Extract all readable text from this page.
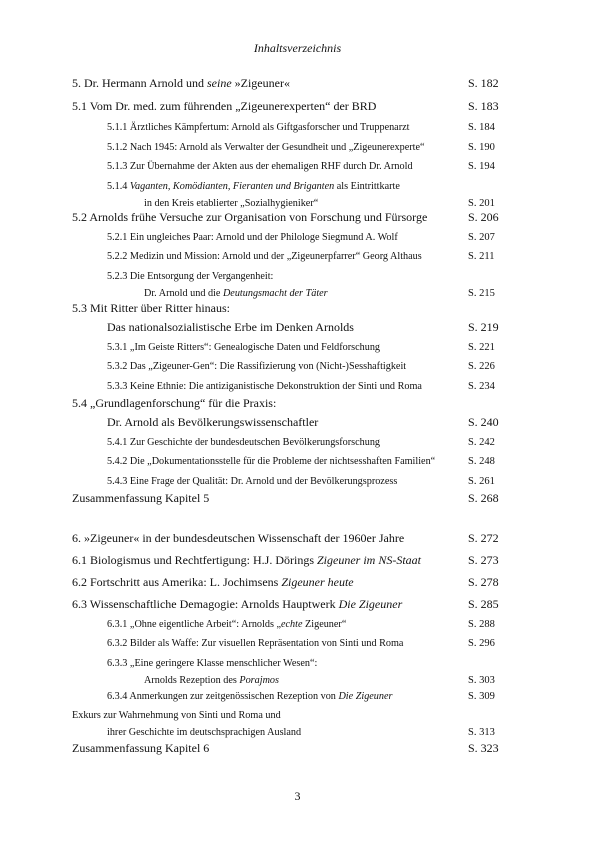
Inhaltsverzeichnis
5. Dr. Hermann Arnold und seine »Zigeuner«	S. 182
5.1 Vom Dr. med. zum führenden „Zigeunerexperten“ der BRD	S. 183
5.1.1 Ärztliches Kämpfertum: Arnold als Giftgasforscher und Truppenarzt	S. 184
5.1.2 Nach 1945: Arnold als Verwalter der Gesundheit und „Zigeunerexperte“	S. 190
5.1.3 Zur Übernahme der Akten aus der ehemaligen RHF durch Dr. Arnold	S. 194
5.1.4 Vaganten, Komödianten, Fieranten und Briganten als Eintrittkarte
in den Kreis etablierter „Sozialhygieniker“	S. 201
5.2 Arnolds frühe Versuche zur Organisation von Forschung und Fürsorge	S. 206
5.2.1 Ein ungleiches Paar: Arnold und der Philologe Siegmund A. Wolf	S. 207
5.2.2 Medizin und Mission: Arnold und der „Zigeunerpfarrer“ Georg Althaus	S. 211
5.2.3 Die Entsorgung der Vergangenheit:
Dr. Arnold und die Deutungsmacht der Täter	S. 215
5.3 Mit Ritter über Ritter hinaus:
Das nationalsozialistische Erbe im Denken Arnolds	S. 219
5.3.1 „Im Geiste Ritters“: Genealogische Daten und Feldforschung	S. 221
5.3.2 Das „Zigeuner-Gen“: Die Rassifizierung von (Nicht-)Sesshaftigkeit	S. 226
5.3.3 Keine Ethnie: Die antiziganistische Dekonstruktion der Sinti und Roma	S. 234
5.4 „Grundlagenforschung“ für die Praxis:
Dr. Arnold als Bevölkerungswissenschaftler	S. 240
5.4.1 Zur Geschichte der bundesdeutschen Bevölkerungsforschung	S. 242
5.4.2 Die „Dokumentationsstelle für die Probleme der nichtsesshaften Familien“	S. 248
5.4.3 Eine Frage der Qualität: Dr. Arnold und der Bevölkerungsprozess	S. 261
Zusammenfassung Kapitel 5	S. 268
6. »Zigeuner« in der bundesdeutschen Wissenschaft der 1960er Jahre	S. 272
6.1 Biologismus und Rechtfertigung: H.J. Dörings Zigeuner im NS-Staat	S. 273
6.2 Fortschritt aus Amerika: L. Jochimsens Zigeuner heute	S. 278
6.3 Wissenschaftliche Demagogie: Arnolds Hauptwerk Die Zigeuner	S. 285
6.3.1 „Ohne eigentliche Arbeit“: Arnolds „echte Zigeuner“	S. 288
6.3.2 Bilder als Waffe: Zur visuellen Repräsentation von Sinti und Roma	S. 296
6.3.3 „Eine geringere Klasse menschlicher Wesen“:
Arnolds Rezeption des Porajmos	S. 303
6.3.4 Anmerkungen zur zeitgenössischen Rezeption von Die Zigeuner	S. 309
Exkurs zur Wahrnehmung von Sinti und Roma und
ihrer Geschichte im deutschsprachigen Ausland	S. 313
Zusammenfassung Kapitel 6	S. 323
3
